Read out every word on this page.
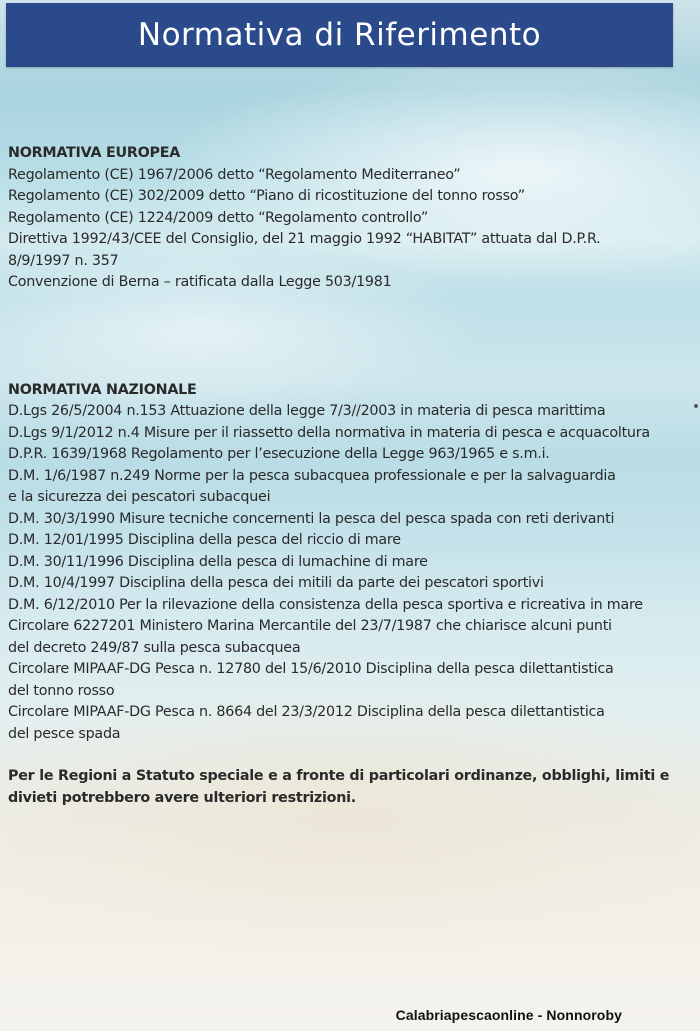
Normativa di Riferimento
NORMATIVA EUROPEA
Regolamento (CE) 1967/2006 detto “Regolamento Mediterraneo”
Regolamento (CE) 302/2009 detto “Piano di ricostituzione del tonno rosso”
Regolamento (CE) 1224/2009 detto “Regolamento controllo”
Direttiva 1992/43/CEE del Consiglio, del 21 maggio 1992 “HABITAT” attuata dal D.P.R.
8/9/1997 n. 357
Convenzione di Berna – ratificata dalla Legge 503/1981
NORMATIVA NAZIONALE
D.Lgs 26/5/2004 n.153 Attuazione della legge 7/3//2003 in materia di pesca marittima
D.Lgs 9/1/2012 n.4 Misure per il riassetto della normativa in materia di pesca e acquacoltura
D.P.R. 1639/1968 Regolamento per l’esecuzione della Legge 963/1965 e s.m.i.
D.M. 1/6/1987 n.249 Norme per la pesca subacquea professionale e per la salvaguardia
e la sicurezza dei pescatori subacquei
D.M. 30/3/1990 Misure tecniche concernenti la pesca del pesca spada con reti derivanti
D.M. 12/01/1995 Disciplina della pesca del riccio di mare
D.M. 30/11/1996 Disciplina della pesca di lumachine di mare
D.M. 10/4/1997 Disciplina della pesca dei mitili da parte dei pescatori sportivi
D.M. 6/12/2010 Per la rilevazione della consistenza della pesca sportiva e ricreativa in mare
Circolare 6227201 Ministero Marina Mercantile del 23/7/1987 che chiarisce alcuni punti
del decreto 249/87 sulla pesca subacquea
Circolare MIPAAF-DG Pesca n. 12780 del 15/6/2010 Disciplina della pesca dilettantistica
del tonno rosso
Circolare MIPAAF-DG Pesca n. 8664 del 23/3/2012 Disciplina della pesca dilettantistica
del pesce spada

Per le Regioni a Statuto speciale e a fronte di particolari ordinanze, obblighi, limiti e divieti potrebbero avere ulteriori restrizioni.

Calabriapescaonline - Nonnoroby
